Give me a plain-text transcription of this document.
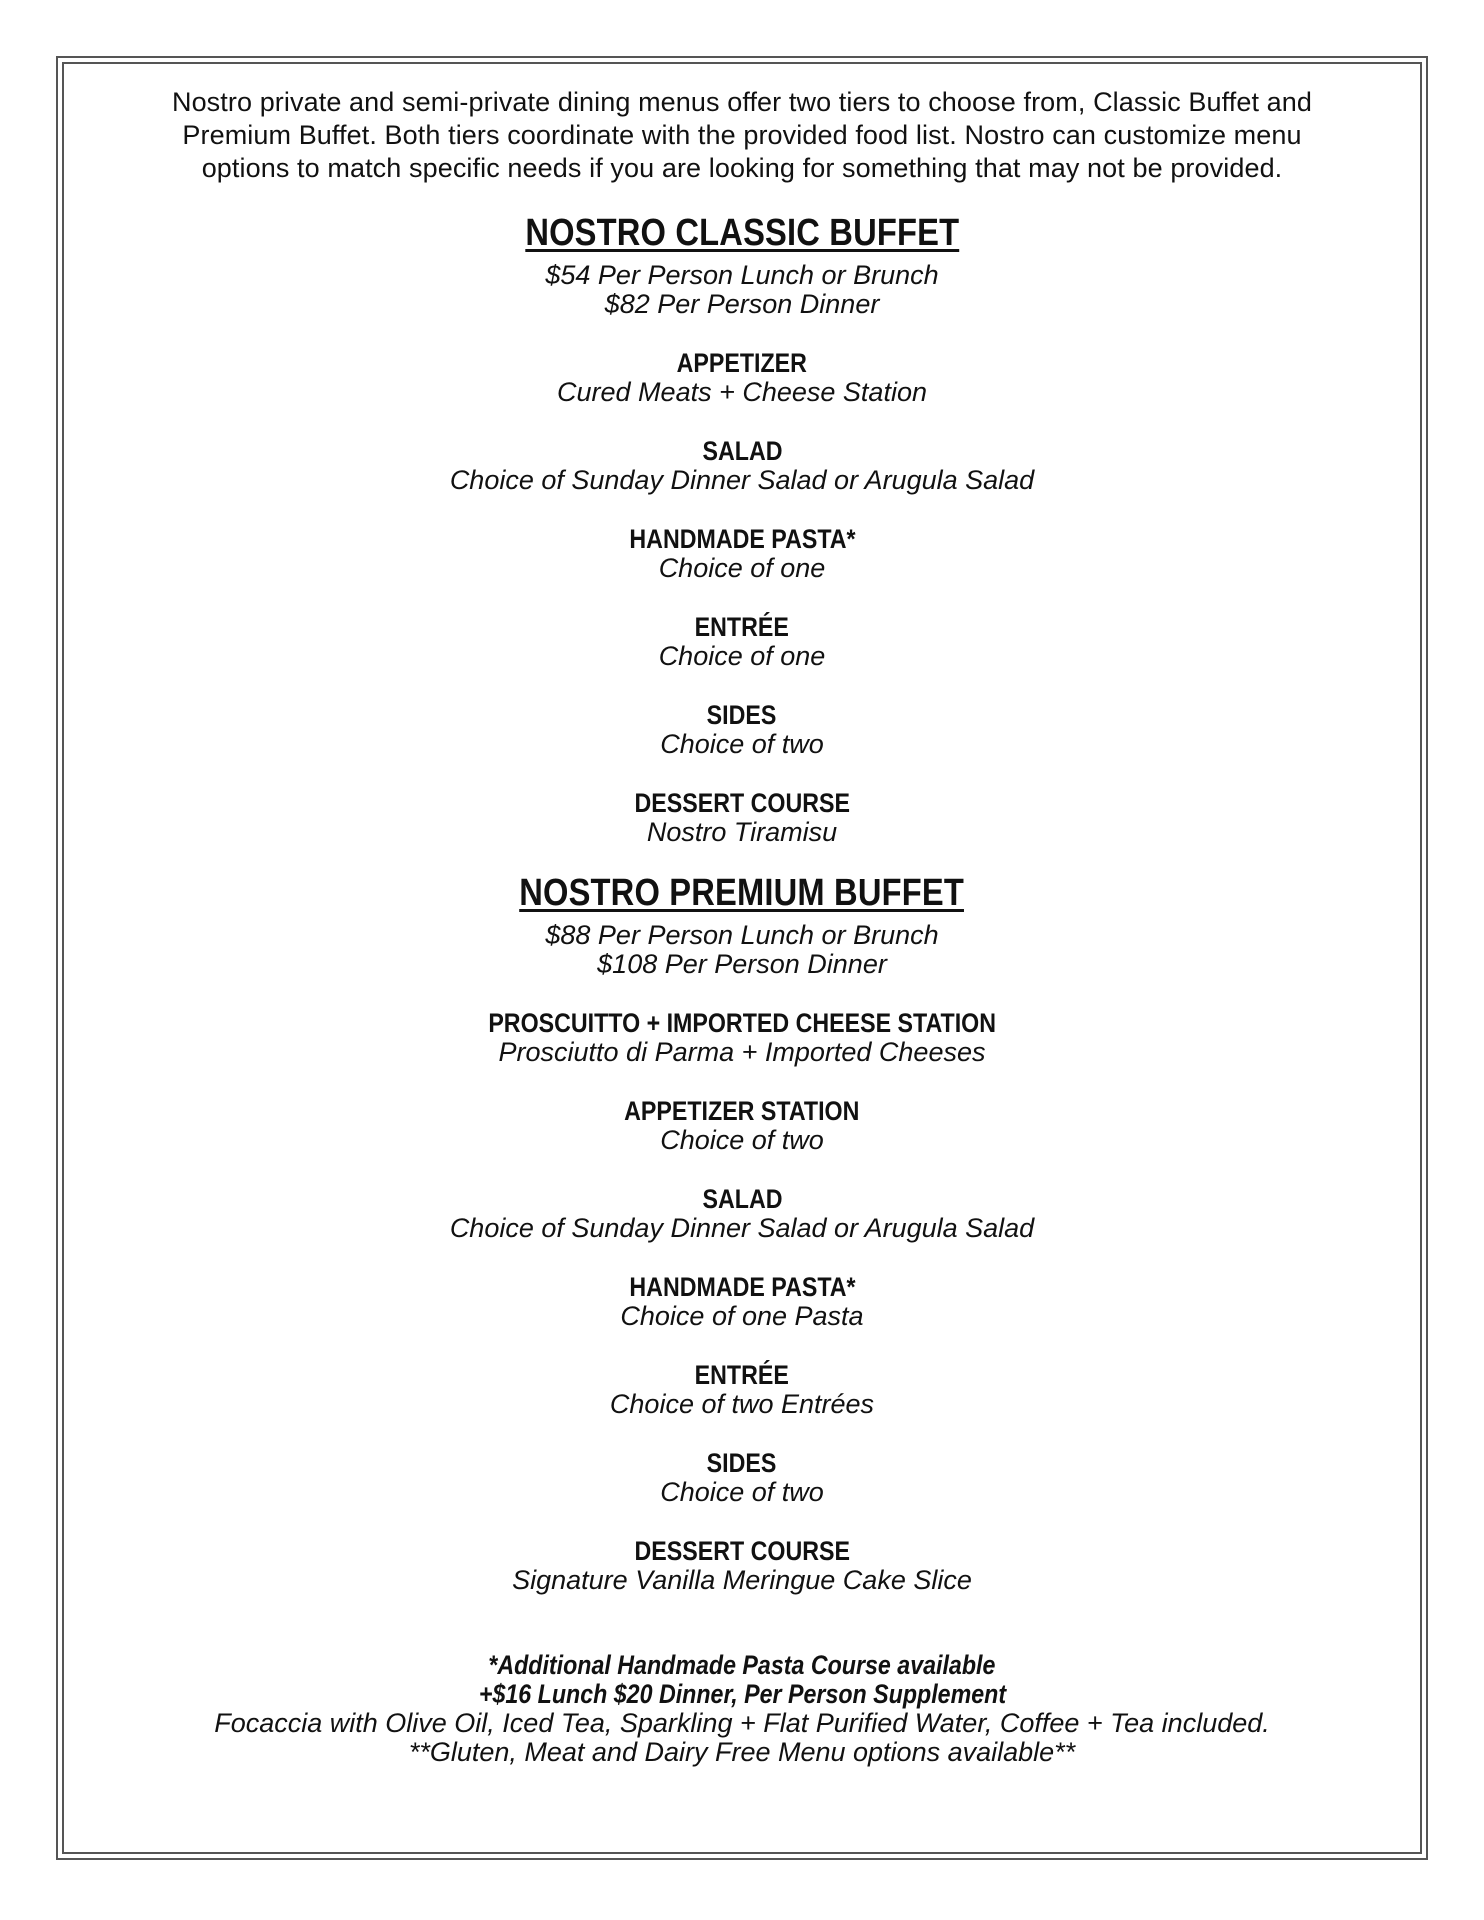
Nostro private and semi-private dining menus offer two tiers to choose from, Classic Buffet and
Premium Buffet. Both tiers coordinate with the provided food list. Nostro can customize menu
options to match specific needs if you are looking for something that may not be provided.
NOSTRO CLASSIC BUFFET
$54 Per Person Lunch or Brunch
$82 Per Person Dinner
APPETIZER
Cured Meats + Cheese Station
SALAD
Choice of Sunday Dinner Salad or Arugula Salad
HANDMADE PASTA*
Choice of one
ENTRÉE
Choice of one
SIDES
Choice of two
DESSERT COURSE
Nostro Tiramisu
NOSTRO PREMIUM BUFFET
$88 Per Person Lunch or Brunch
$108 Per Person Dinner
PROSCUITTO + IMPORTED CHEESE STATION
Prosciutto di Parma + Imported Cheeses
APPETIZER STATION
Choice of two
SALAD
Choice of Sunday Dinner Salad or Arugula Salad
HANDMADE PASTA*
Choice of one Pasta
ENTRÉE
Choice of two Entrées
SIDES
Choice of two
DESSERT COURSE
Signature Vanilla Meringue Cake Slice
*Additional Handmade Pasta Course available
+$16 Lunch $20 Dinner, Per Person Supplement
Focaccia with Olive Oil, Iced Tea, Sparkling + Flat Purified Water, Coffee + Tea included.
**Gluten, Meat and Dairy Free Menu options available**
